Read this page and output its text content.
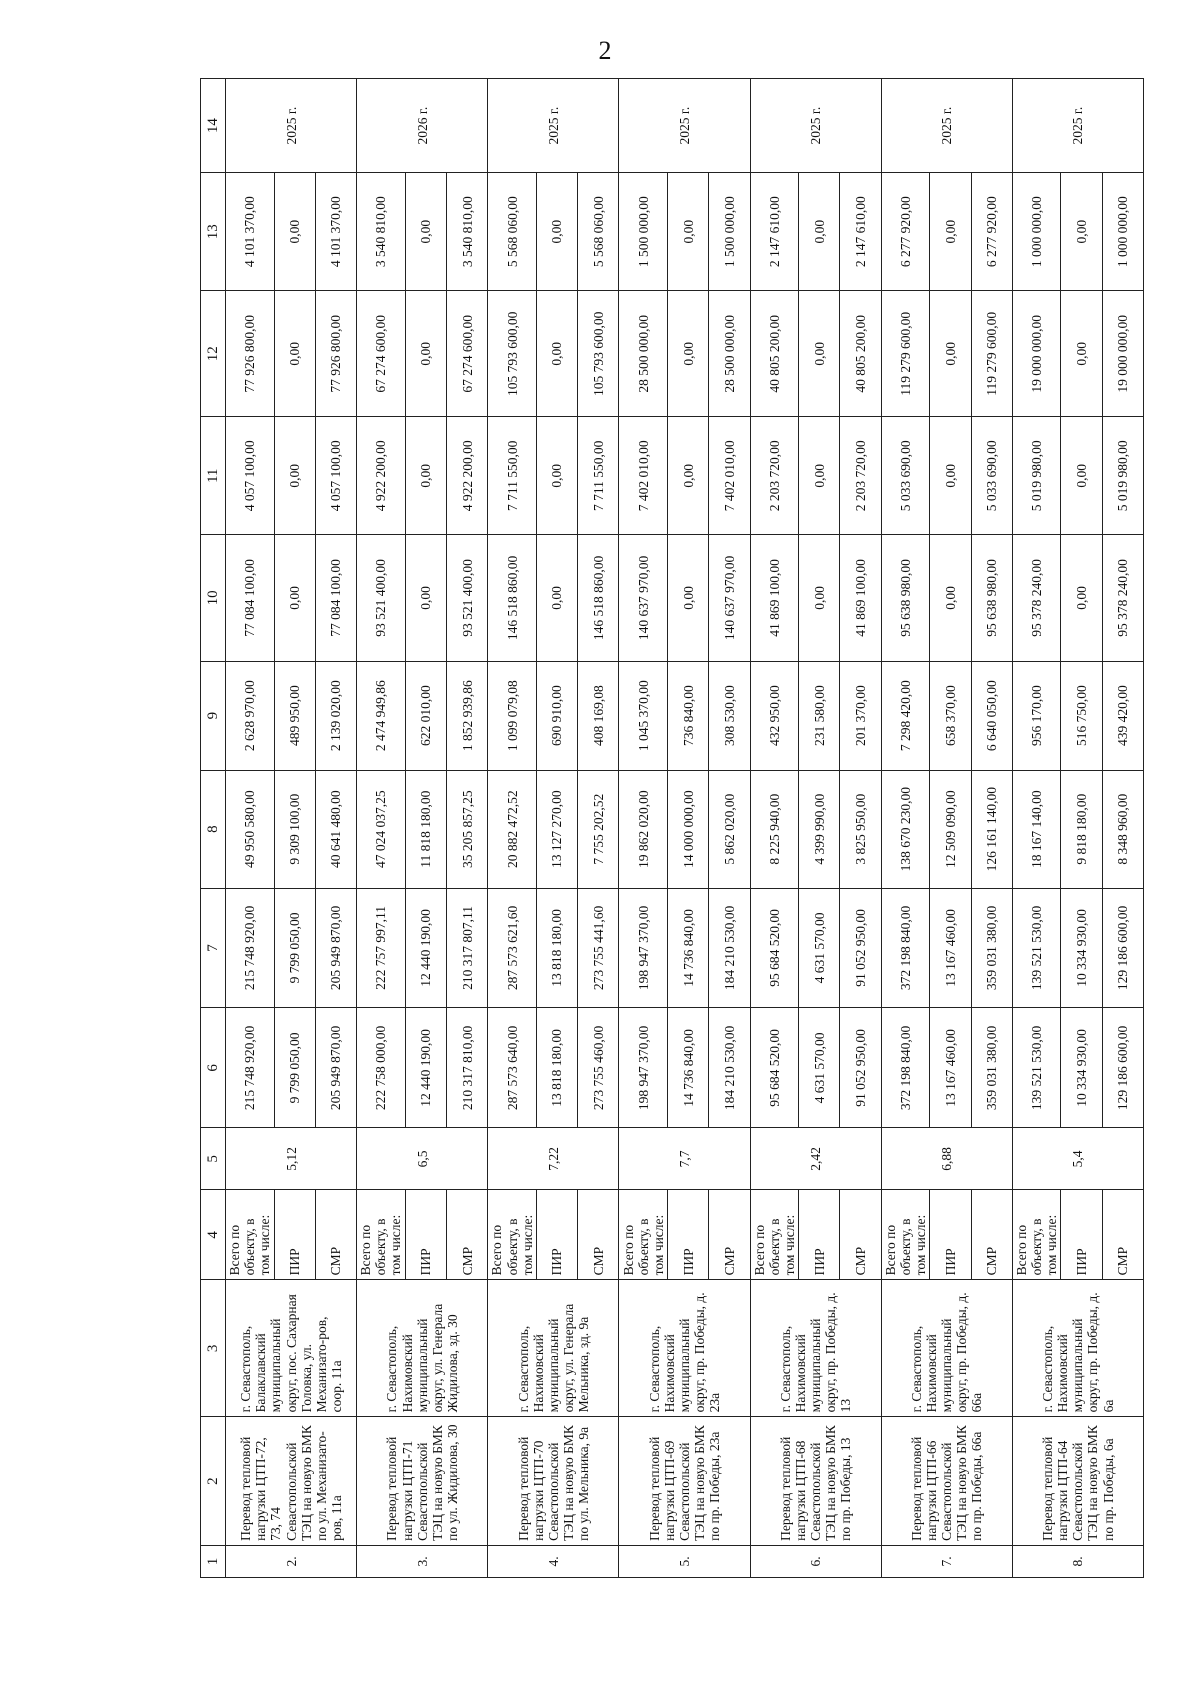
2
1	2	3	4	5	6	7	8	9	10	11	12	13	14
2.	Перевод тепловой нагрузки ЦТП-72, 73, 74 Севастопольской ТЭЦ на новую БМК по ул. Механизато-ров, 11а	г. Севастополь, Балаклавский муниципальный округ, пос. Сахарная Головка, ул. Механизато-ров, соор. 11а	Всего по объекту, в том числе:	5,12	215 748 920,00	215 748 920,00	49 950 580,00	2 628 970,00	77 084 100,00	4 057 100,00	77 926 800,00	4 101 370,00	2025 г.
			ПИР		9 799 050,00	9 799 050,00	9 309 100,00	489 950,00	0,00	0,00	0,00	0,00	
			СМР		205 949 870,00	205 949 870,00	40 641 480,00	2 139 020,00	77 084 100,00	4 057 100,00	77 926 800,00	4 101 370,00	
3.	Перевод тепловой нагрузки ЦТП-71 Севастопольской ТЭЦ на новую БМК по ул. Жидилова, 30	г. Севастополь, Нахимовский муниципальный округ, ул. Генерала Жидилова, зд. 30	Всего по объекту, в том числе:	6,5	222 758 000,00	222 757 997,11	47 024 037,25	2 474 949,86	93 521 400,00	4 922 200,00	67 274 600,00	3 540 810,00	2026 г.
			ПИР		12 440 190,00	12 440 190,00	11 818 180,00	622 010,00	0,00	0,00	0,00	0,00	
			СМР		210 317 810,00	210 317 807,11	35 205 857,25	1 852 939,86	93 521 400,00	4 922 200,00	67 274 600,00	3 540 810,00	
4.	Перевод тепловой нагрузки ЦТП-70 Севастопольской ТЭЦ на новую БМК по ул. Мельника, 9а	г. Севастополь, Нахимовский муниципальный округ, ул. Генерала Мельника, зд. 9а	Всего по объекту, в том числе:	7,22	287 573 640,00	287 573 621,60	20 882 472,52	1 099 079,08	146 518 860,00	7 711 550,00	105 793 600,00	5 568 060,00	2025 г.
			ПИР		13 818 180,00	13 818 180,00	13 127 270,00	690 910,00	0,00	0,00	0,00	0,00	
			СМР		273 755 460,00	273 755 441,60	7 755 202,52	408 169,08	146 518 860,00	7 711 550,00	105 793 600,00	5 568 060,00	
5.	Перевод тепловой нагрузки ЦТП-69 Севастопольской ТЭЦ на новую БМК по пр. Победы, 23а	г. Севастополь, Нахимовский муниципальный округ, пр. Победы, д. 23а	Всего по объекту, в том числе:	7,7	198 947 370,00	198 947 370,00	19 862 020,00	1 045 370,00	140 637 970,00	7 402 010,00	28 500 000,00	1 500 000,00	2025 г.
			ПИР		14 736 840,00	14 736 840,00	14 000 000,00	736 840,00	0,00	0,00	0,00	0,00	
			СМР		184 210 530,00	184 210 530,00	5 862 020,00	308 530,00	140 637 970,00	7 402 010,00	28 500 000,00	1 500 000,00	
6.	Перевод тепловой нагрузки ЦТП-68 Севастопольской ТЭЦ на новую БМК по пр. Победы, 13	г. Севастополь, Нахимовский муниципальный округ, пр. Победы, д. 13	Всего по объекту, в том числе:	2,42	95 684 520,00	95 684 520,00	8 225 940,00	432 950,00	41 869 100,00	2 203 720,00	40 805 200,00	2 147 610,00	2025 г.
			ПИР		4 631 570,00	4 631 570,00	4 399 990,00	231 580,00	0,00	0,00	0,00	0,00	
			СМР		91 052 950,00	91 052 950,00	3 825 950,00	201 370,00	41 869 100,00	2 203 720,00	40 805 200,00	2 147 610,00	
7.	Перевод тепловой нагрузки ЦТП-66 Севастопольской ТЭЦ на новую БМК по пр. Победы, 66а	г. Севастополь, Нахимовский муниципальный округ, пр. Победы, д. 66а	Всего по объекту, в том числе:	6,88	372 198 840,00	372 198 840,00	138 670 230,00	7 298 420,00	95 638 980,00	5 033 690,00	119 279 600,00	6 277 920,00	2025 г.
			ПИР		13 167 460,00	13 167 460,00	12 509 090,00	658 370,00	0,00	0,00	0,00	0,00	
			СМР		359 031 380,00	359 031 380,00	126 161 140,00	6 640 050,00	95 638 980,00	5 033 690,00	119 279 600,00	6 277 920,00	
8.	Перевод тепловой нагрузки ЦТП-64 Севастопольской ТЭЦ на новую БМК по пр. Победы, 6а	г. Севастополь, Нахимовский муниципальный округ, пр. Победы, д. 6а	Всего по объекту, в том числе:	5,4	139 521 530,00	139 521 530,00	18 167 140,00	956 170,00	95 378 240,00	5 019 980,00	19 000 000,00	1 000 000,00	2025 г.
			ПИР		10 334 930,00	10 334 930,00	9 818 180,00	516 750,00	0,00	0,00	0,00	0,00	
			СМР		129 186 600,00	129 186 600,00	8 348 960,00	439 420,00	95 378 240,00	5 019 980,00	19 000 000,00	1 000 000,00	
